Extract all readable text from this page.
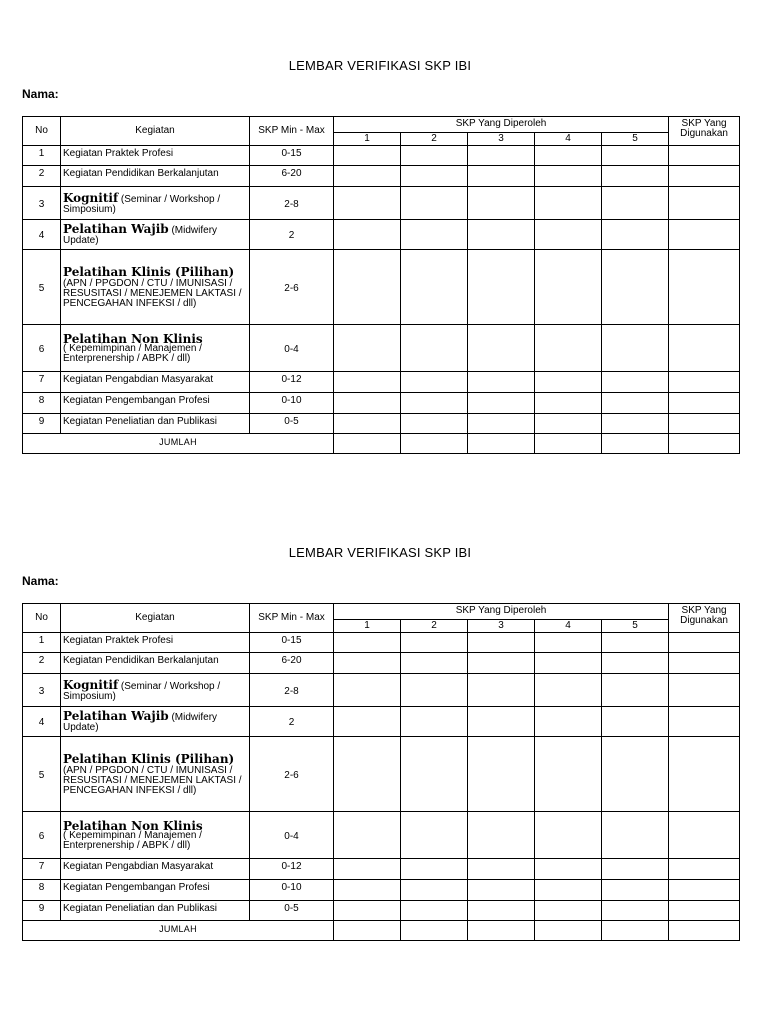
LEMBAR VERIFIKASI SKP IBI
Nama:
No	Kegiatan	SKP Min - Max	SKP Yang Diperoleh					SKP Yang
Digunakan

			1	2	3	4	5	
1	Kegiatan Praktek Profesi	0-15						
2	Kegiatan Pendidikan Berkalanjutan	6-20						
3	Kognitif (Seminar / Workshop / Simposium)	2-8						
4	Pelatihan Wajib (Midwifery Update)	2						
5	Pelatihan Klinis (Pilihan) (APN / PPGDON / CTU / IMUNISASI / RESUSITASI / MENEJEMEN LAKTASI / PENCEGAHAN INFEKSI / dll)	2-6						
6	Pelatihan Non Klinis
( Kepemimpinan / Manajemen / Enterprenership / ABPK / dll)	0-4						
7	Kegiatan Pengabdian Masyarakat	0-12						
8	Kegiatan Pengembangan Profesi	0-10						
9	Kegiatan Peneliatian dan Publikasi	0-5						
JUMLAH								
LEMBAR VERIFIKASI SKP IBI
Nama:
No	Kegiatan	SKP Min - Max	SKP Yang Diperoleh					SKP Yang
Digunakan

			1	2	3	4	5	
1	Kegiatan Praktek Profesi	0-15						
2	Kegiatan Pendidikan Berkalanjutan	6-20						
3	Kognitif (Seminar / Workshop / Simposium)	2-8						
4	Pelatihan Wajib (Midwifery Update)	2						
5	Pelatihan Klinis (Pilihan) (APN / PPGDON / CTU / IMUNISASI / RESUSITASI / MENEJEMEN LAKTASI / PENCEGAHAN INFEKSI / dll)	2-6						
6	Pelatihan Non Klinis
( Kepemimpinan / Manajemen / Enterprenership / ABPK / dll)	0-4						
7	Kegiatan Pengabdian Masyarakat	0-12						
8	Kegiatan Pengembangan Profesi	0-10						
9	Kegiatan Peneliatian dan Publikasi	0-5						
JUMLAH								
